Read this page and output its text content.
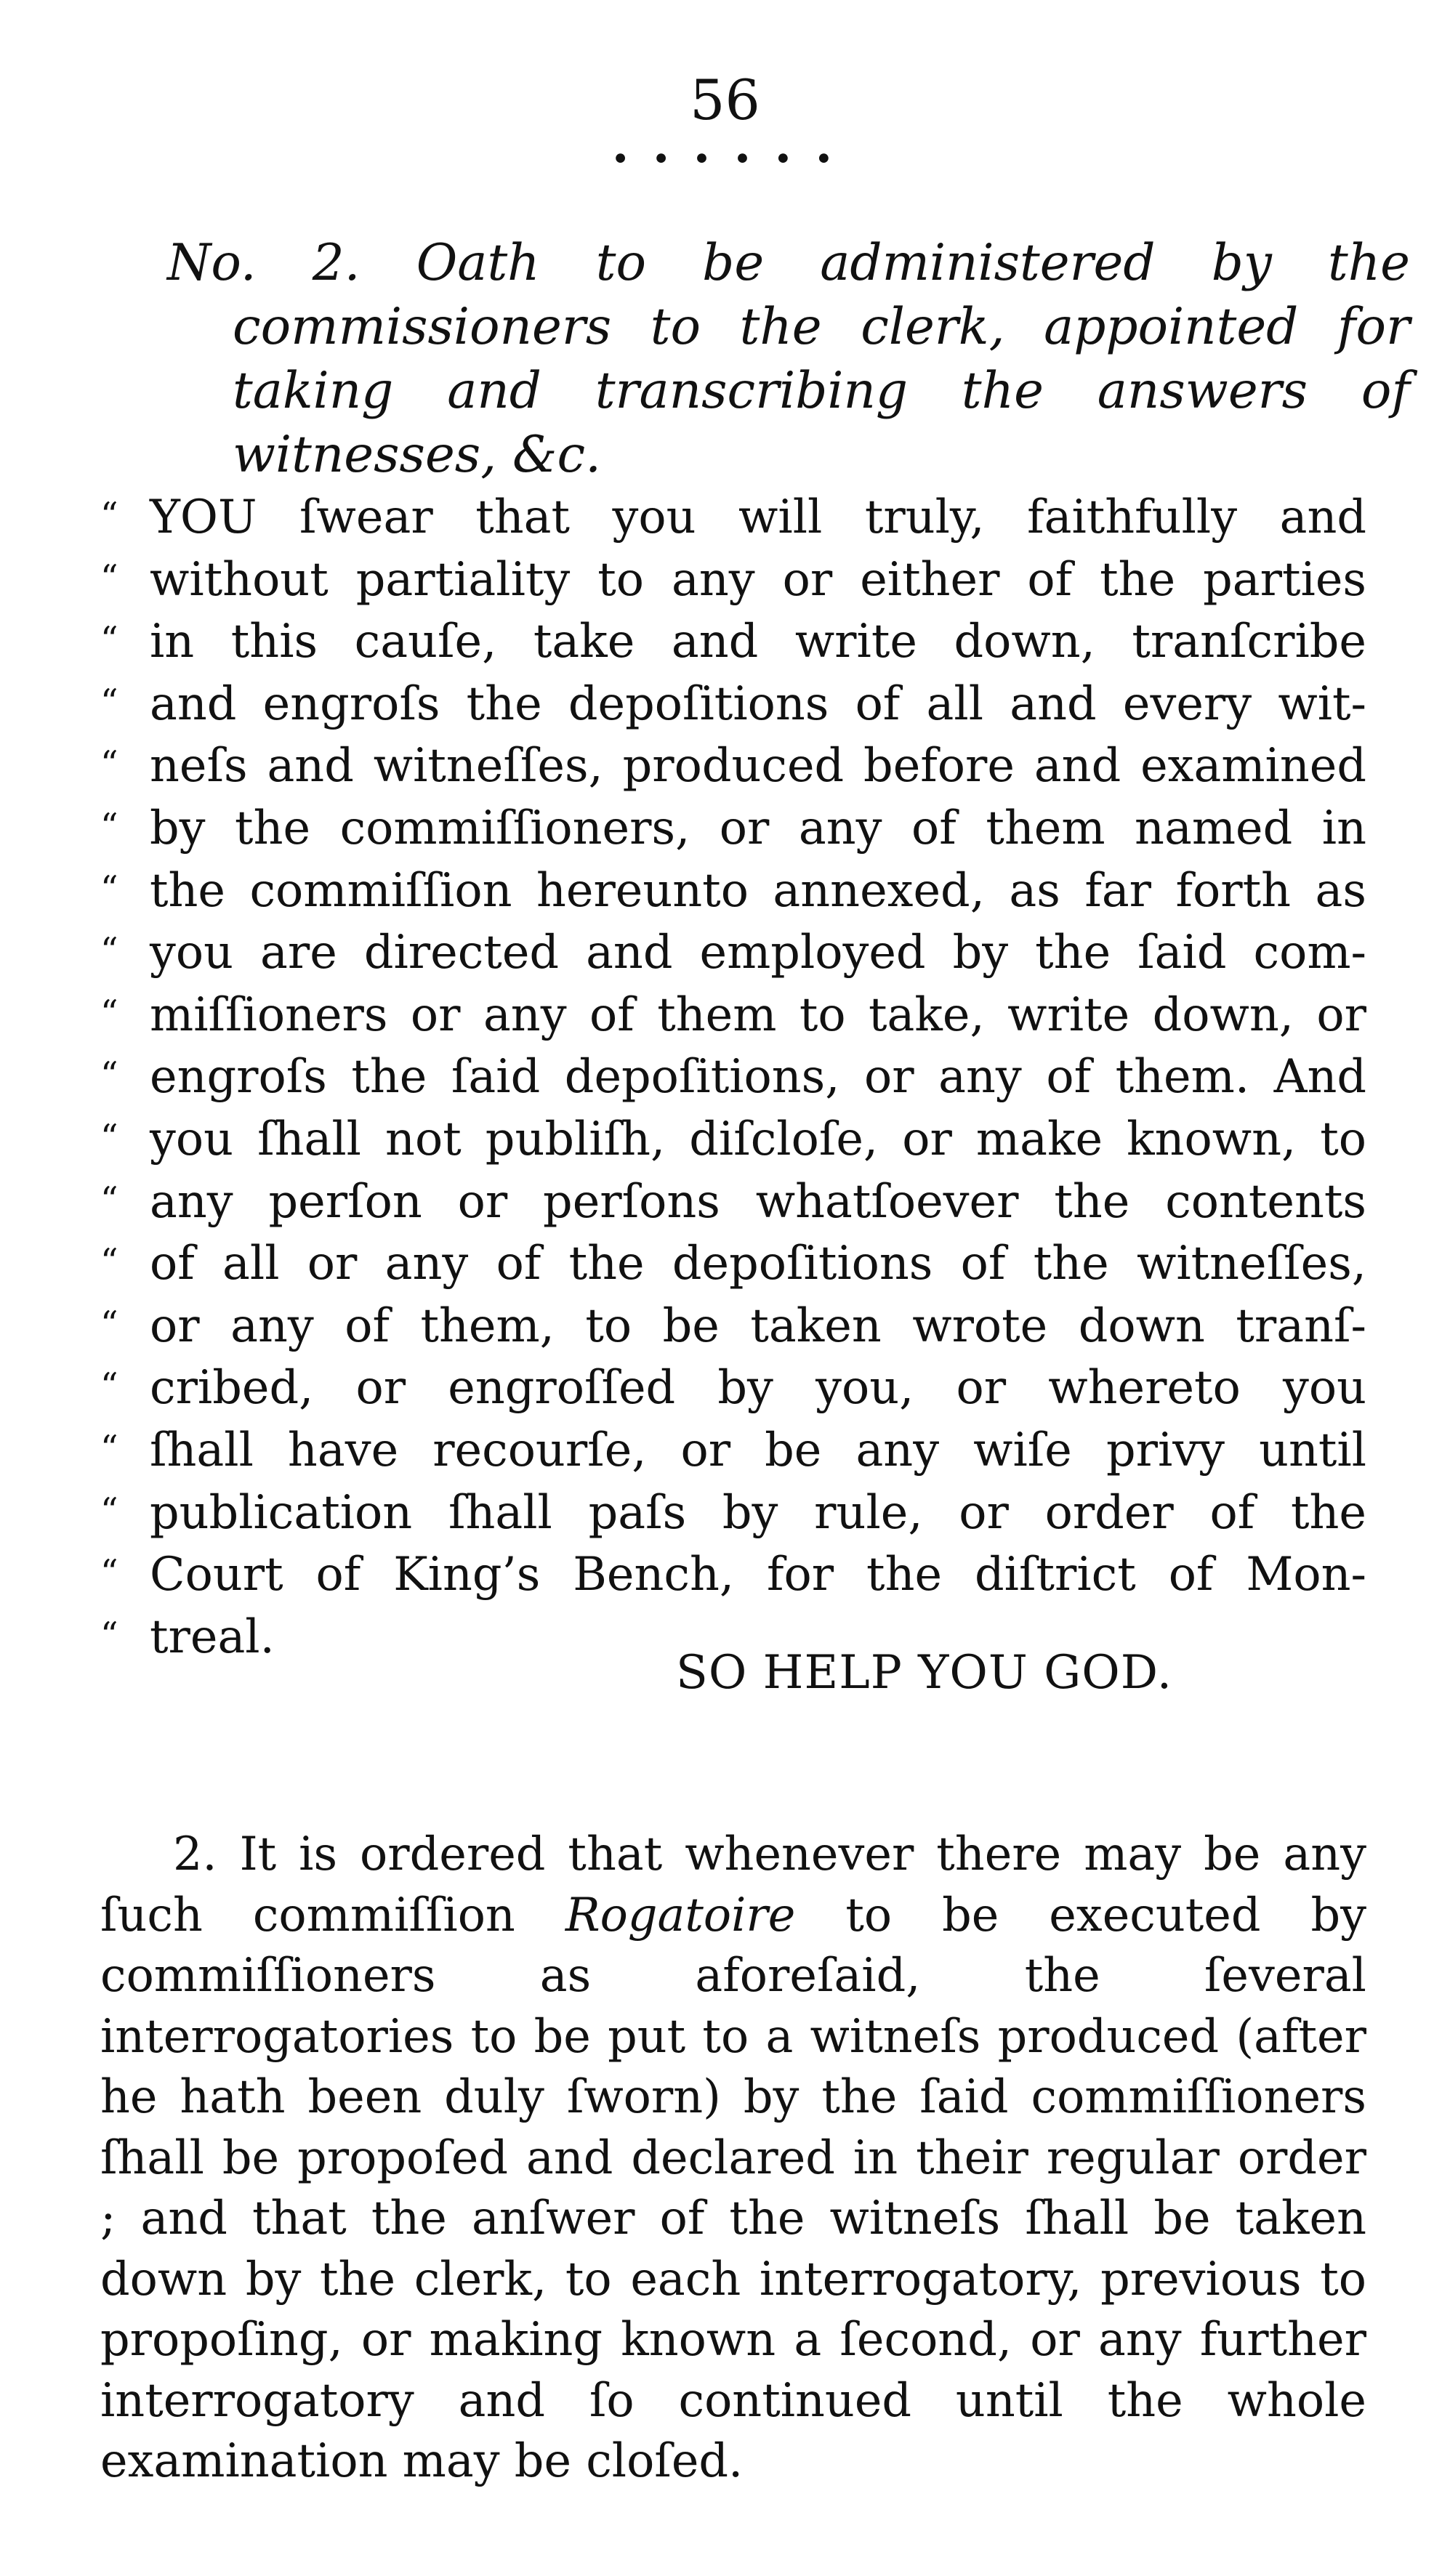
56
• • • • • •
No. 2. Oath to be administered by the commissioners to the clerk, appointed for taking and transcribing the answers of witnesses, &c.
“ YOU ſwear that you will truly, faithfully and
“ without partiality to any or either of the parties
“ in this cauſe, take and write down, tranſcribe
“ and engroſs the depoſitions of all and every wit-
“ neſs and witneſſes, produced before and examined
“ by the commiſſioners, or any of them named in
“ the commiſſion hereunto annexed, as far forth as
“ you are directed and employed by the ſaid com-
“ miſſioners or any of them to take, write down, or
“ engroſs the ſaid depoſitions, or any of them. And
“ you ſhall not publiſh, diſcloſe, or make known, to
“ any perſon or perſons whatſoever the contents
“ of all or any of the depoſitions of the witneſſes,
“ or any of them, to be taken wrote down tranſ-
“ cribed, or engroſſed by you, or whereto you
“ ſhall have recourſe, or be any wiſe privy until
“ publication ſhall paſs by rule, or order of the
“ Court of King’s Bench, for the diſtrict of Mon-
“ treal.
SO HELP YOU GOD.
2. It is ordered that whenever there may be any ſuch commiſſion Rogatoire to be executed by commiſſioners as aforeſaid, the ſeveral interrogatories to be put to a witneſs produced (after he hath been duly ſworn) by the ſaid commiſſioners ſhall be propoſed and declared in their regular order ; and that the anſwer of the witneſs ſhall be taken down by the clerk, to each interrogatory, previous to propoſing, or making known a ſecond, or any further interrogatory and ſo continued until the whole examination may be cloſed.
